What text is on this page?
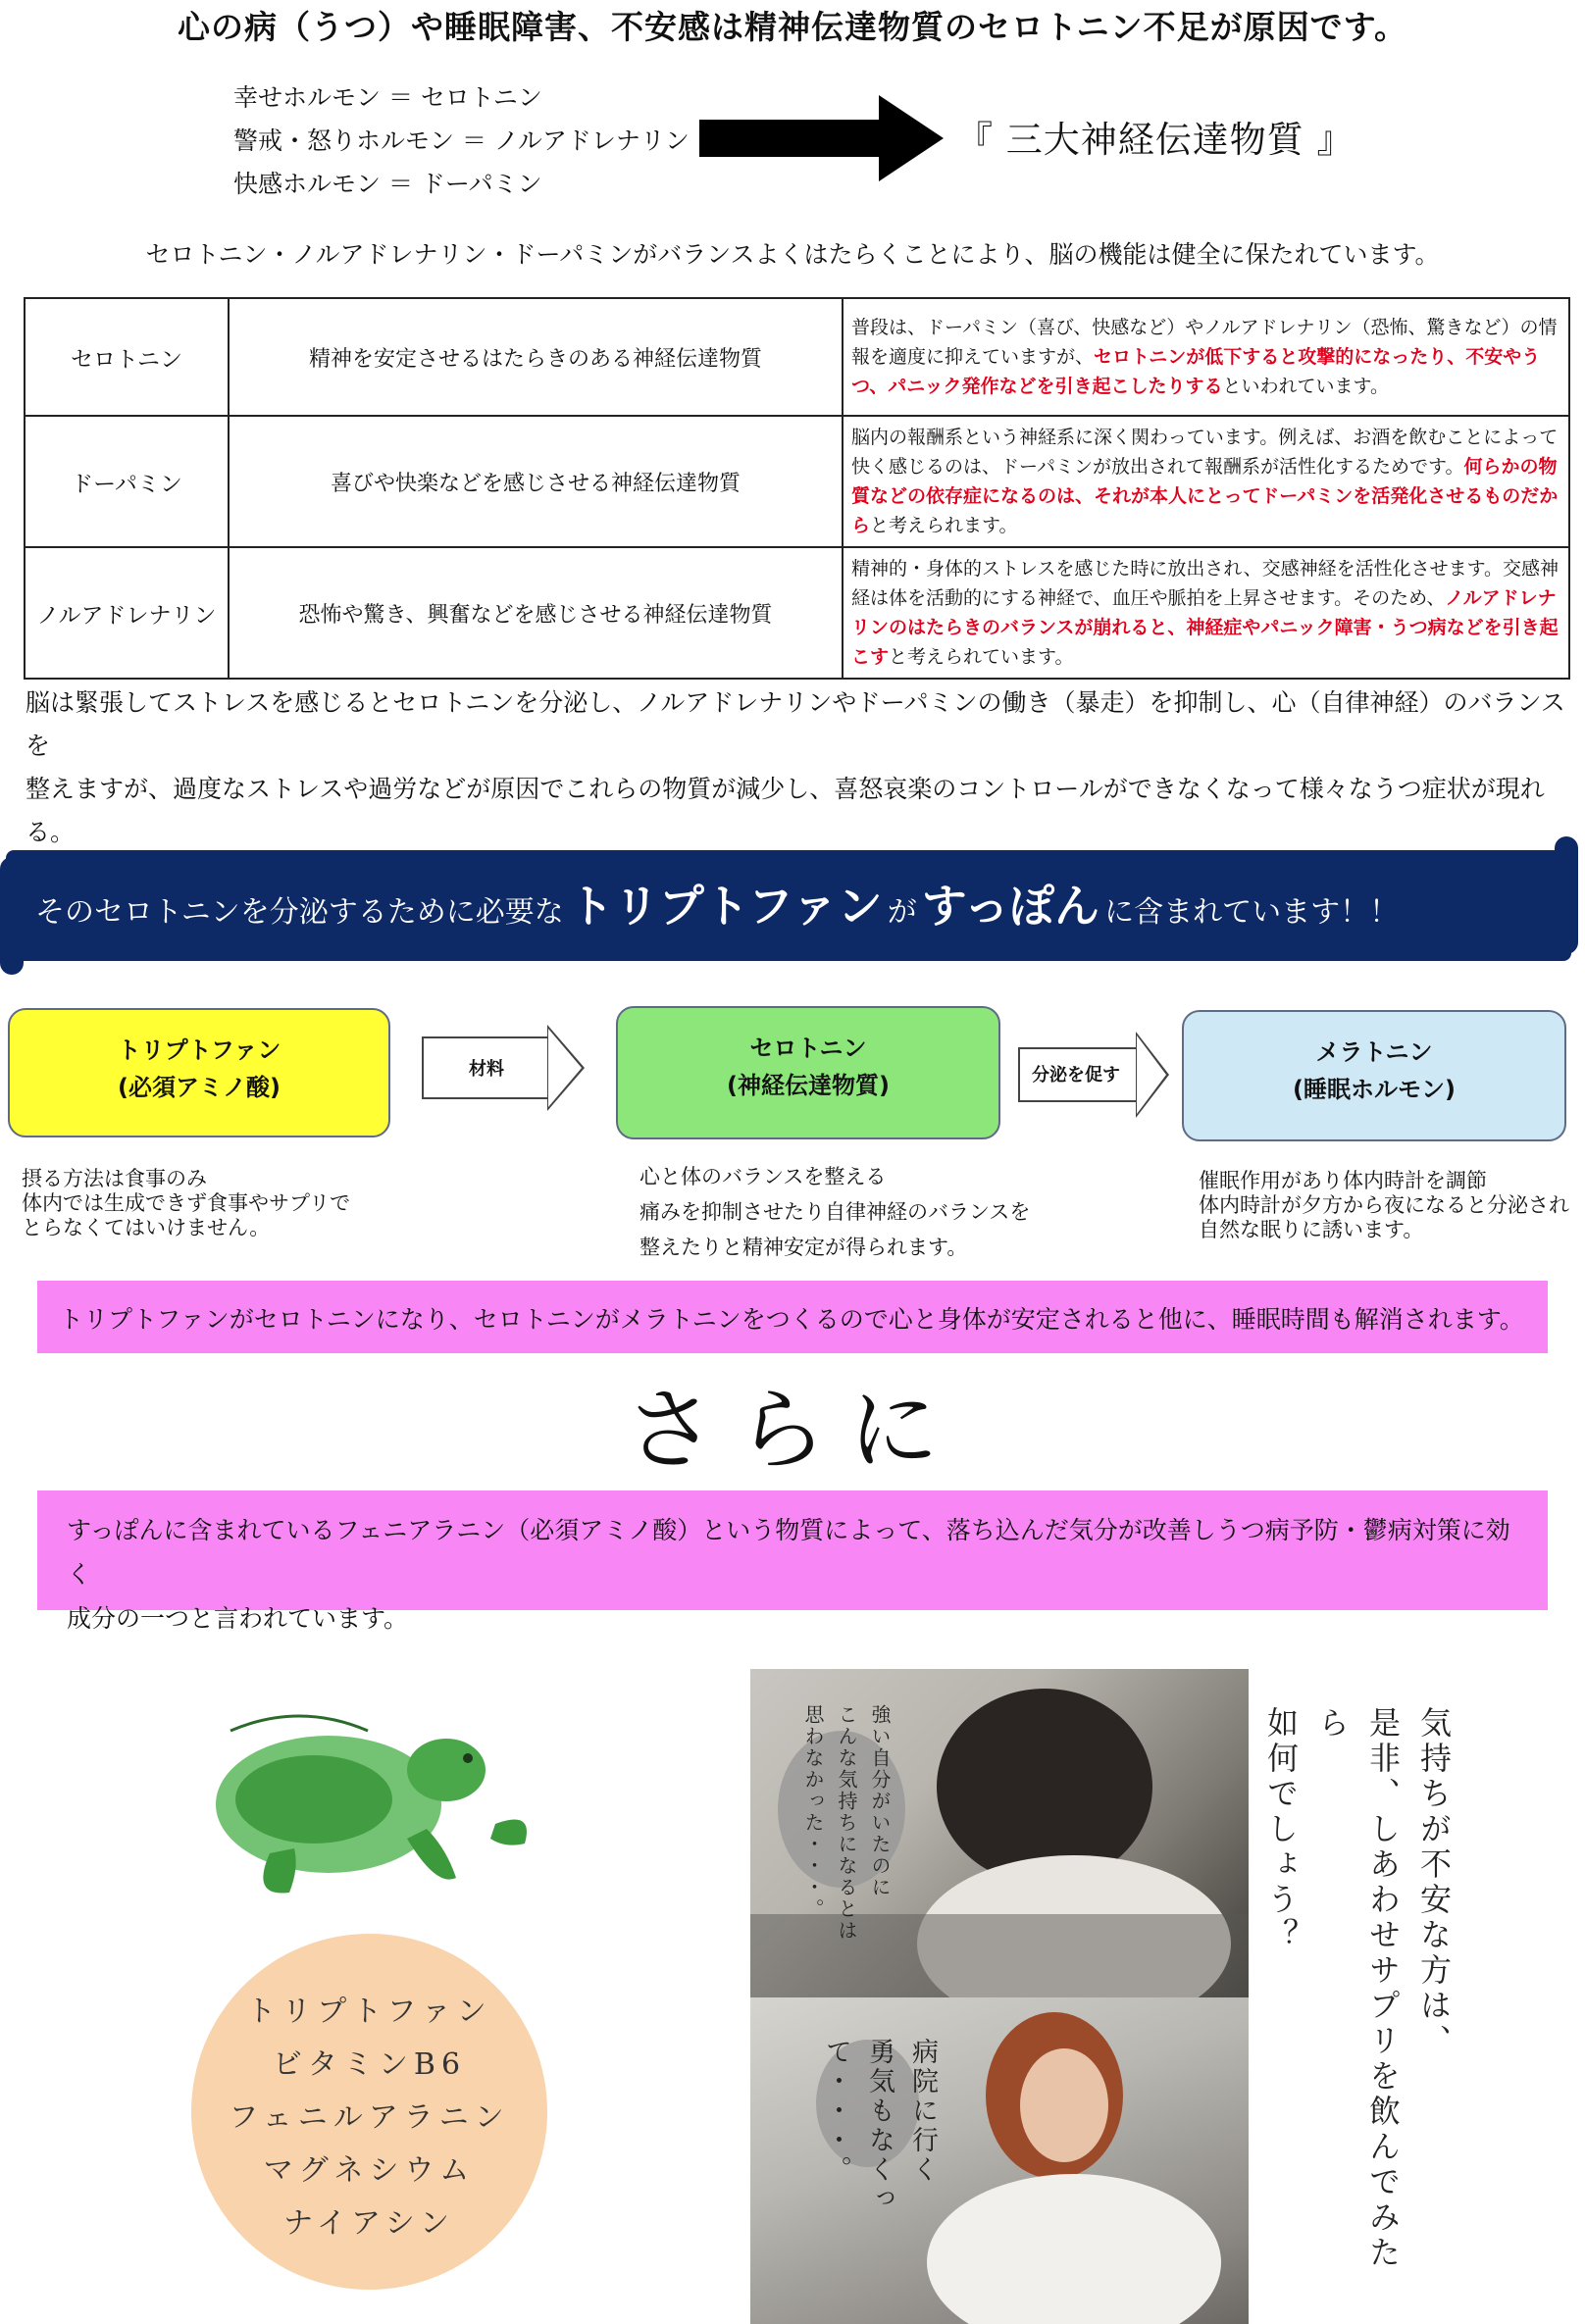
心の病（うつ）や睡眠障害、不安感は精神伝達物質のセロトニン不足が原因です。
幸せホルモン ＝ セロトニン
警戒・怒りホルモン ＝ ノルアドレナリン
快感ホルモン ＝ ドーパミン
『 三大神経伝達物質 』
セロトニン・ノルアドレナリン・ドーパミンがバランスよくはたらくことにより、脳の機能は健全に保たれています。
セロトニン	精神を安定させるはたらきのある神経伝達物質	普段は、ドーパミン（喜び、快感など）やノルアドレナリン（恐怖、驚きなど）の情報を適度に抑えていますが、セロトニンが低下すると攻撃的になったり、不安やうつ、パニック発作などを引き起こしたりするといわれています。
ドーパミン	喜びや快楽などを感じさせる神経伝達物質	脳内の報酬系という神経系に深く関わっています。例えば、お酒を飲むことによって快く感じるのは、ドーパミンが放出されて報酬系が活性化するためです。何らかの物質などの依存症になるのは、それが本人にとってドーパミンを活発化させるものだからと考えられます。
ノルアドレナリン	恐怖や驚き、興奮などを感じさせる神経伝達物質	精神的・身体的ストレスを感じた時に放出され、交感神経を活性化させます。交感神経は体を活動的にする神経で、血圧や脈拍を上昇させます。そのため、ノルアドレナリンのはたらきのバランスが崩れると、神経症やパニック障害・うつ病などを引き起こすと考えられています。
脳は緊張してストレスを感じるとセロトニンを分泌し、ノルアドレナリンやドーパミンの働き（暴走）を抑制し、心（自律神経）のバランスを
整えますが、過度なストレスや過労などが原因でこれらの物質が減少し、喜怒哀楽のコントロールができなくなって様々なうつ症状が現れる。
そのセロトニンを分泌するために必要な トリプトファン が すっぽん に含まれています！！
トリプトファン
(必須アミノ酸)
材料
セロトニン
(神経伝達物質)	分泌を促す
メラトニン
(睡眠ホルモン)
摂る方法は食事のみ
体内では生成できず食事やサプリで
とらなくてはいけません。
心と体のバランスを整える
痛みを抑制させたり自律神経のバランスを
整えたりと精神安定が得られます。
催眠作用があり体内時計を調節
体内時計が夕方から夜になると分泌され
自然な眠りに誘います。
トリプトファンがセロトニンになり、セロトニンがメラトニンをつくるので心と身体が安定されると他に、睡眠時間も解消されます。
さらに
すっぽんに含まれているフェニアラニン（必須アミノ酸）という物質によって、落ち込んだ気分が改善しうつ病予防・鬱病対策に効く
成分の一つと言われています。
トリプトファン
ビタミンB6
フェニルアラニン
マグネシウム
ナイアシン
強い自分がいたのに
こんな気持ちになるとは
思わなかった・・・。
病院に行く
勇気もなくって・・・。
気持ちが不安な方は、
是非、しあわせサプリを飲んでみたら
如何でしょう？
